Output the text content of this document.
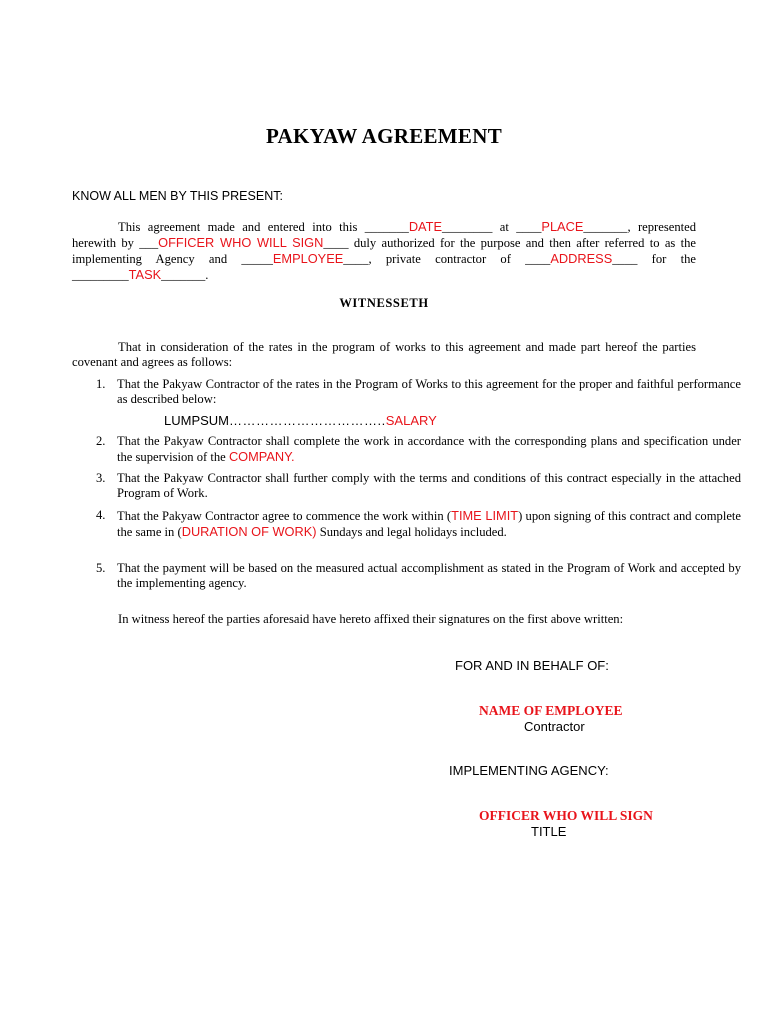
PAKYAW AGREEMENT
KNOW ALL MEN BY THIS PRESENT:
This agreement made and entered into this _______DATE________ at ____PLACE_______, represented herewith by ___OFFICER WHO WILL SIGN____ duly authorized for the purpose and then after referred to as the implementing Agency and _____EMPLOYEE____, private contractor of ____ADDRESS____ for the _________TASK_______.
WITNESSETH
That in consideration of the rates in the program of works to this agreement and made part hereof the parties covenant and agrees as follows:
1. That the Pakyaw Contractor of the rates in the Program of Works to this agreement for the proper and faithful performance as described below:
2. That the Pakyaw Contractor shall complete the work in accordance with the corresponding plans and specification under the supervision of the COMPANY.
3. That the Pakyaw Contractor shall further comply with the terms and conditions of this contract especially in the attached Program of Work.
4. That the Pakyaw Contractor agree to commence the work within (TIME LIMIT) upon signing of this contract and complete the same in (DURATION OF WORK) Sundays and legal holidays included.
5. That the payment will be based on the measured actual accomplishment as stated in the Program of Work and accepted by the implementing agency.
LUMPSUM……………………………..SALARY
In witness hereof the parties aforesaid have hereto affixed their signatures on the first above written:
FOR AND IN BEHALF OF:
NAME OF EMPLOYEE
Contractor
IMPLEMENTING AGENCY:
OFFICER WHO WILL SIGN
TITLE
